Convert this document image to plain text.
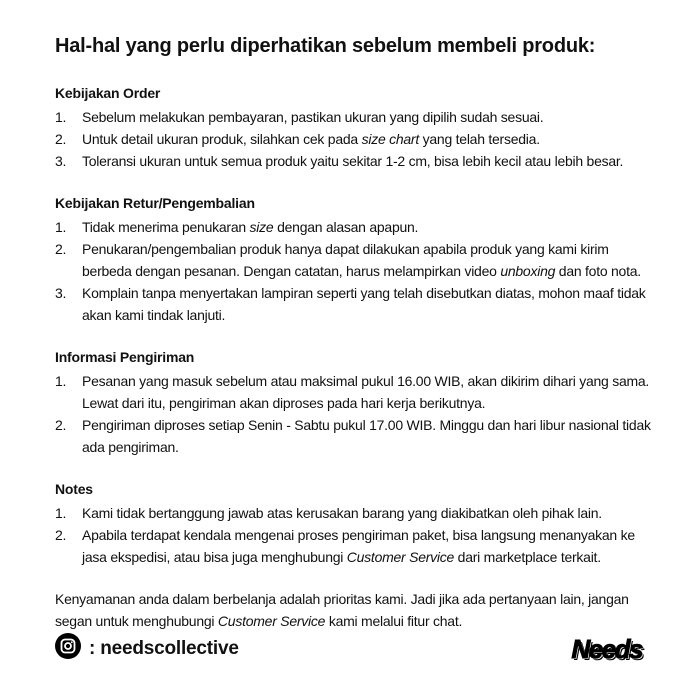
Hal-hal yang perlu diperhatikan sebelum membeli produk:
Kebijakan Order
1. Sebelum melakukan pembayaran, pastikan ukuran yang dipilih sudah sesuai.
2. Untuk detail ukuran produk, silahkan cek pada size chart yang telah tersedia.
3. Toleransi ukuran untuk semua produk yaitu sekitar 1-2 cm, bisa lebih kecil atau lebih besar.
Kebijakan Retur/Pengembalian
1. Tidak menerima penukaran size dengan alasan apapun.
2. Penukaran/pengembalian produk hanya dapat dilakukan apabila produk yang kami kirim berbeda dengan pesanan. Dengan catatan, harus melampirkan video unboxing dan foto nota.
3. Komplain tanpa menyertakan lampiran seperti yang telah disebutkan diatas, mohon maaf tidak akan kami tindak lanjuti.
Informasi Pengiriman
1. Pesanan yang masuk sebelum atau maksimal pukul 16.00 WIB, akan dikirim dihari yang sama. Lewat dari itu, pengiriman akan diproses pada hari kerja berikutnya.
2. Pengiriman diproses setiap Senin - Sabtu pukul 17.00 WIB. Minggu dan hari libur nasional tidak ada pengiriman.
Notes
1. Kami tidak bertanggung jawab atas kerusakan barang yang diakibatkan oleh pihak lain.
2. Apabila terdapat kendala mengenai proses pengiriman paket, bisa langsung menanyakan ke jasa ekspedisi, atau bisa juga menghubungi Customer Service dari marketplace terkait.

Kenyamanan anda dalam berbelanja adalah prioritas kami. Jadi jika ada pertanyaan lain, jangan segan untuk menghubungi Customer Service kami melalui fitur chat.

: needscollective	Needs
